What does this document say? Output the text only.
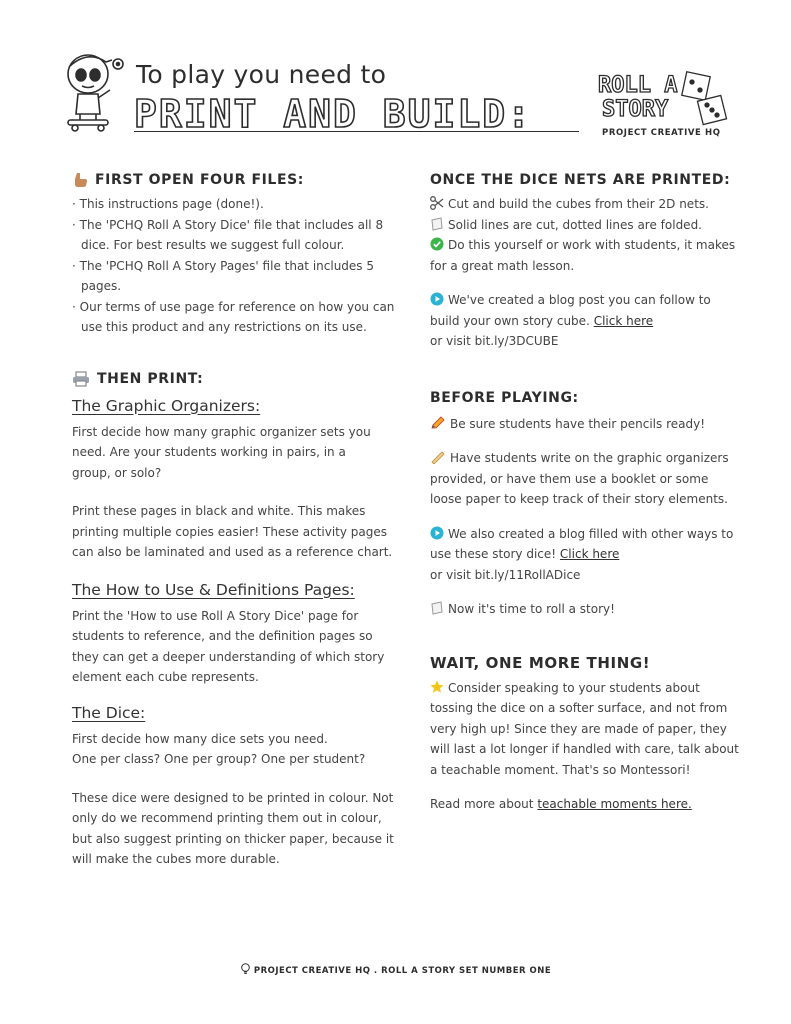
To play you need to
PRINT AND BUILD:
ROLL A
STORY
PROJECT CREATIVE HQ
FIRST OPEN FOUR FILES:
· This instructions page (done!).
· The 'PCHQ Roll A Story Dice' file that includes all 8 dice. For best results we suggest full colour.
· The 'PCHQ Roll A Story Pages' file that includes 5 pages.
· Our terms of use page for reference on how you can use this product and any restrictions on its use.
THEN PRINT:
The Graphic Organizers:

First decide how many graphic organizer sets you need. Are your students working in pairs, in a group, or solo?

Print these pages in black and white. This makes printing multiple copies easier! These activity pages can also be laminated and used as a reference chart.

The How to Use & Definitions Pages:

Print the 'How to use Roll A Story Dice' page for students to reference, and the definition pages so they can get a deeper understanding of which story element each cube represents.

The Dice:

First decide how many dice sets you need.

One per class? One per group? One per student?

These dice were designed to be printed in colour. Not only do we recommend printing them out in colour, but also suggest printing on thicker paper, because it will make the cubes more durable.

ONCE THE DICE NETS ARE PRINTED:

Cut and build the cubes from their 2D nets.

Solid lines are cut, dotted lines are folded.

Do this yourself or work with students, it makes for a great math lesson.

We've created a blog post you can follow to build your own story cube. Click here

or visit bit.ly/3DCUBE

BEFORE PLAYING:

Be sure students have their pencils ready!

Have students write on the graphic organizers provided, or have them use a booklet or some loose paper to keep track of their story elements.

We also created a blog filled with other ways to use these story dice! Click here

or visit bit.ly/11RollADice

Now it's time to roll a story!

WAIT, ONE MORE THING!

Consider speaking to your students about tossing the dice on a softer surface, and not from very high up! Since they are made of paper, they will last a lot longer if handled with care, talk about a teachable moment. That's so Montessori!

Read more about teachable moments here.

PROJECT CREATIVE HQ . ROLL A STORY SET NUMBER ONE
